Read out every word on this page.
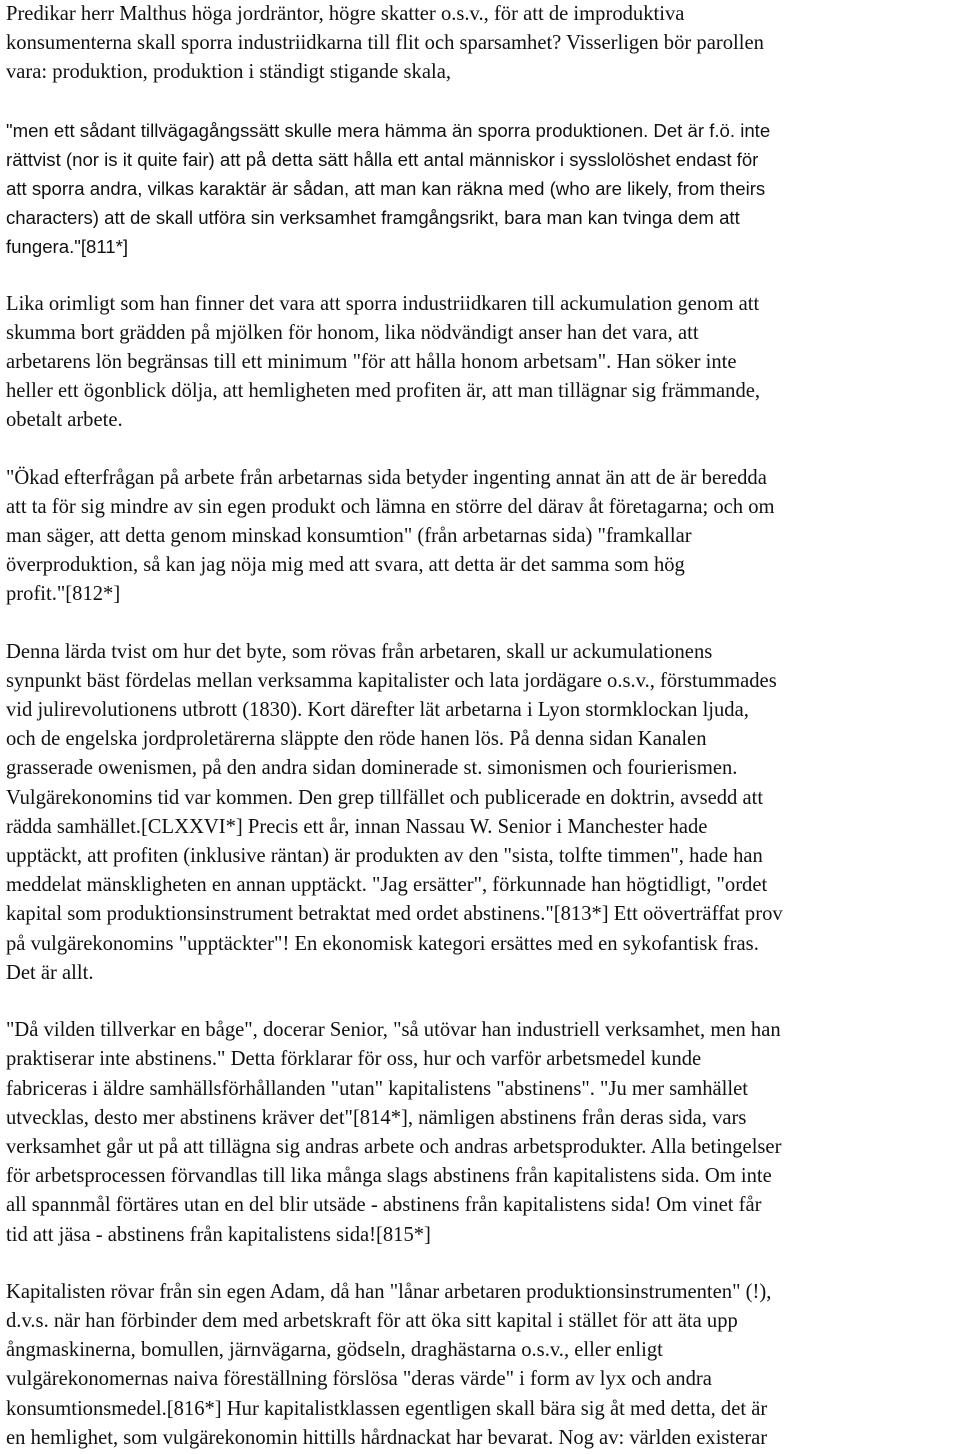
Predikar herr Malthus höga jordräntor, högre skatter o.s.v., för att de improduktiva
konsumenterna skall sporra industriidkarna till flit och sparsamhet? Visserligen bör parollen
vara: produktion, produktion i ständigt stigande skala,
"men ett sådant tillvägagångssätt skulle mera hämma än sporra produktionen. Det är f.ö. inte
rättvist (nor is it quite fair) att på detta sätt hålla ett antal människor i sysslolöshet endast för
att sporra andra, vilkas karaktär är sådan, att man kan räkna med (who are likely, from theirs
characters) att de skall utföra sin verksamhet framgångsrikt, bara man kan tvinga dem att
fungera."[811*]
Lika orimligt som han finner det vara att sporra industriidkaren till ackumulation genom att
skumma bort grädden på mjölken för honom, lika nödvändigt anser han det vara, att
arbetarens lön begränsas till ett minimum "för att hålla honom arbetsam". Han söker inte
heller ett ögonblick dölja, att hemligheten med profiten är, att man tillägnar sig främmande,
obetalt arbete.
"Ökad efterfrågan på arbete från arbetarnas sida betyder ingenting annat än att de är beredda
att ta för sig mindre av sin egen produkt och lämna en större del därav åt företagarna; och om
man säger, att detta genom minskad konsumtion" (från arbetarnas sida) "framkallar
överproduktion, så kan jag nöja mig med att svara, att detta är det samma som hög
profit."[812*]
Denna lärda tvist om hur det byte, som rövas från arbetaren, skall ur ackumulationens
synpunkt bäst fördelas mellan verksamma kapitalister och lata jordägare o.s.v., förstummades
vid julirevolutionens utbrott (1830). Kort därefter lät arbetarna i Lyon stormklockan ljuda,
och de engelska jordproletärerna släppte den röde hanen lös. På denna sidan Kanalen
grasserade owenismen, på den andra sidan dominerade st. simonismen och fourierismen.
Vulgärekonomins tid var kommen. Den grep tillfället och publicerade en doktrin, avsedd att
rädda samhället.[CLXXVI*] Precis ett år, innan Nassau W. Senior i Manchester hade
upptäckt, att profiten (inklusive räntan) är produkten av den "sista, tolfte timmen", hade han
meddelat mänskligheten en annan upptäckt. "Jag ersätter", förkunnade han högtidligt, "ordet
kapital som produktionsinstrument betraktat med ordet abstinens."[813*] Ett oöverträffat prov
på vulgärekonomins "upptäckter"! En ekonomisk kategori ersättes med en sykofantisk fras.
Det är allt.
"Då vilden tillverkar en båge", docerar Senior, "så utövar han industriell verksamhet, men han
praktiserar inte abstinens." Detta förklarar för oss, hur och varför arbetsmedel kunde
fabriceras i äldre samhällsförhållanden "utan" kapitalistens "abstinens". "Ju mer samhället
utvecklas, desto mer abstinens kräver det"[814*], nämligen abstinens från deras sida, vars
verksamhet går ut på att tillägna sig andras arbete och andras arbetsprodukter. Alla betingelser
för arbetsprocessen förvandlas till lika många slags abstinens från kapitalistens sida. Om inte
all spannmål förtäres utan en del blir utsäde - abstinens från kapitalistens sida! Om vinet får
tid att jäsa - abstinens från kapitalistens sida![815*]
Kapitalisten rövar från sin egen Adam, då han "lånar arbetaren produktionsinstrumenten" (!),
d.v.s. när han förbinder dem med arbetskraft för att öka sitt kapital i stället för att äta upp
ångmaskinerna, bomullen, järnvägarna, gödseln, draghästarna o.s.v., eller enligt
vulgärekonomernas naiva föreställning förslösa "deras värde" i form av lyx och andra
konsumtionsmedel.[816*] Hur kapitalistklassen egentligen skall bära sig åt med detta, det är
en hemlighet, som vulgärekonomin hittills hårdnackat har bevarat. Nog av: världen existerar
